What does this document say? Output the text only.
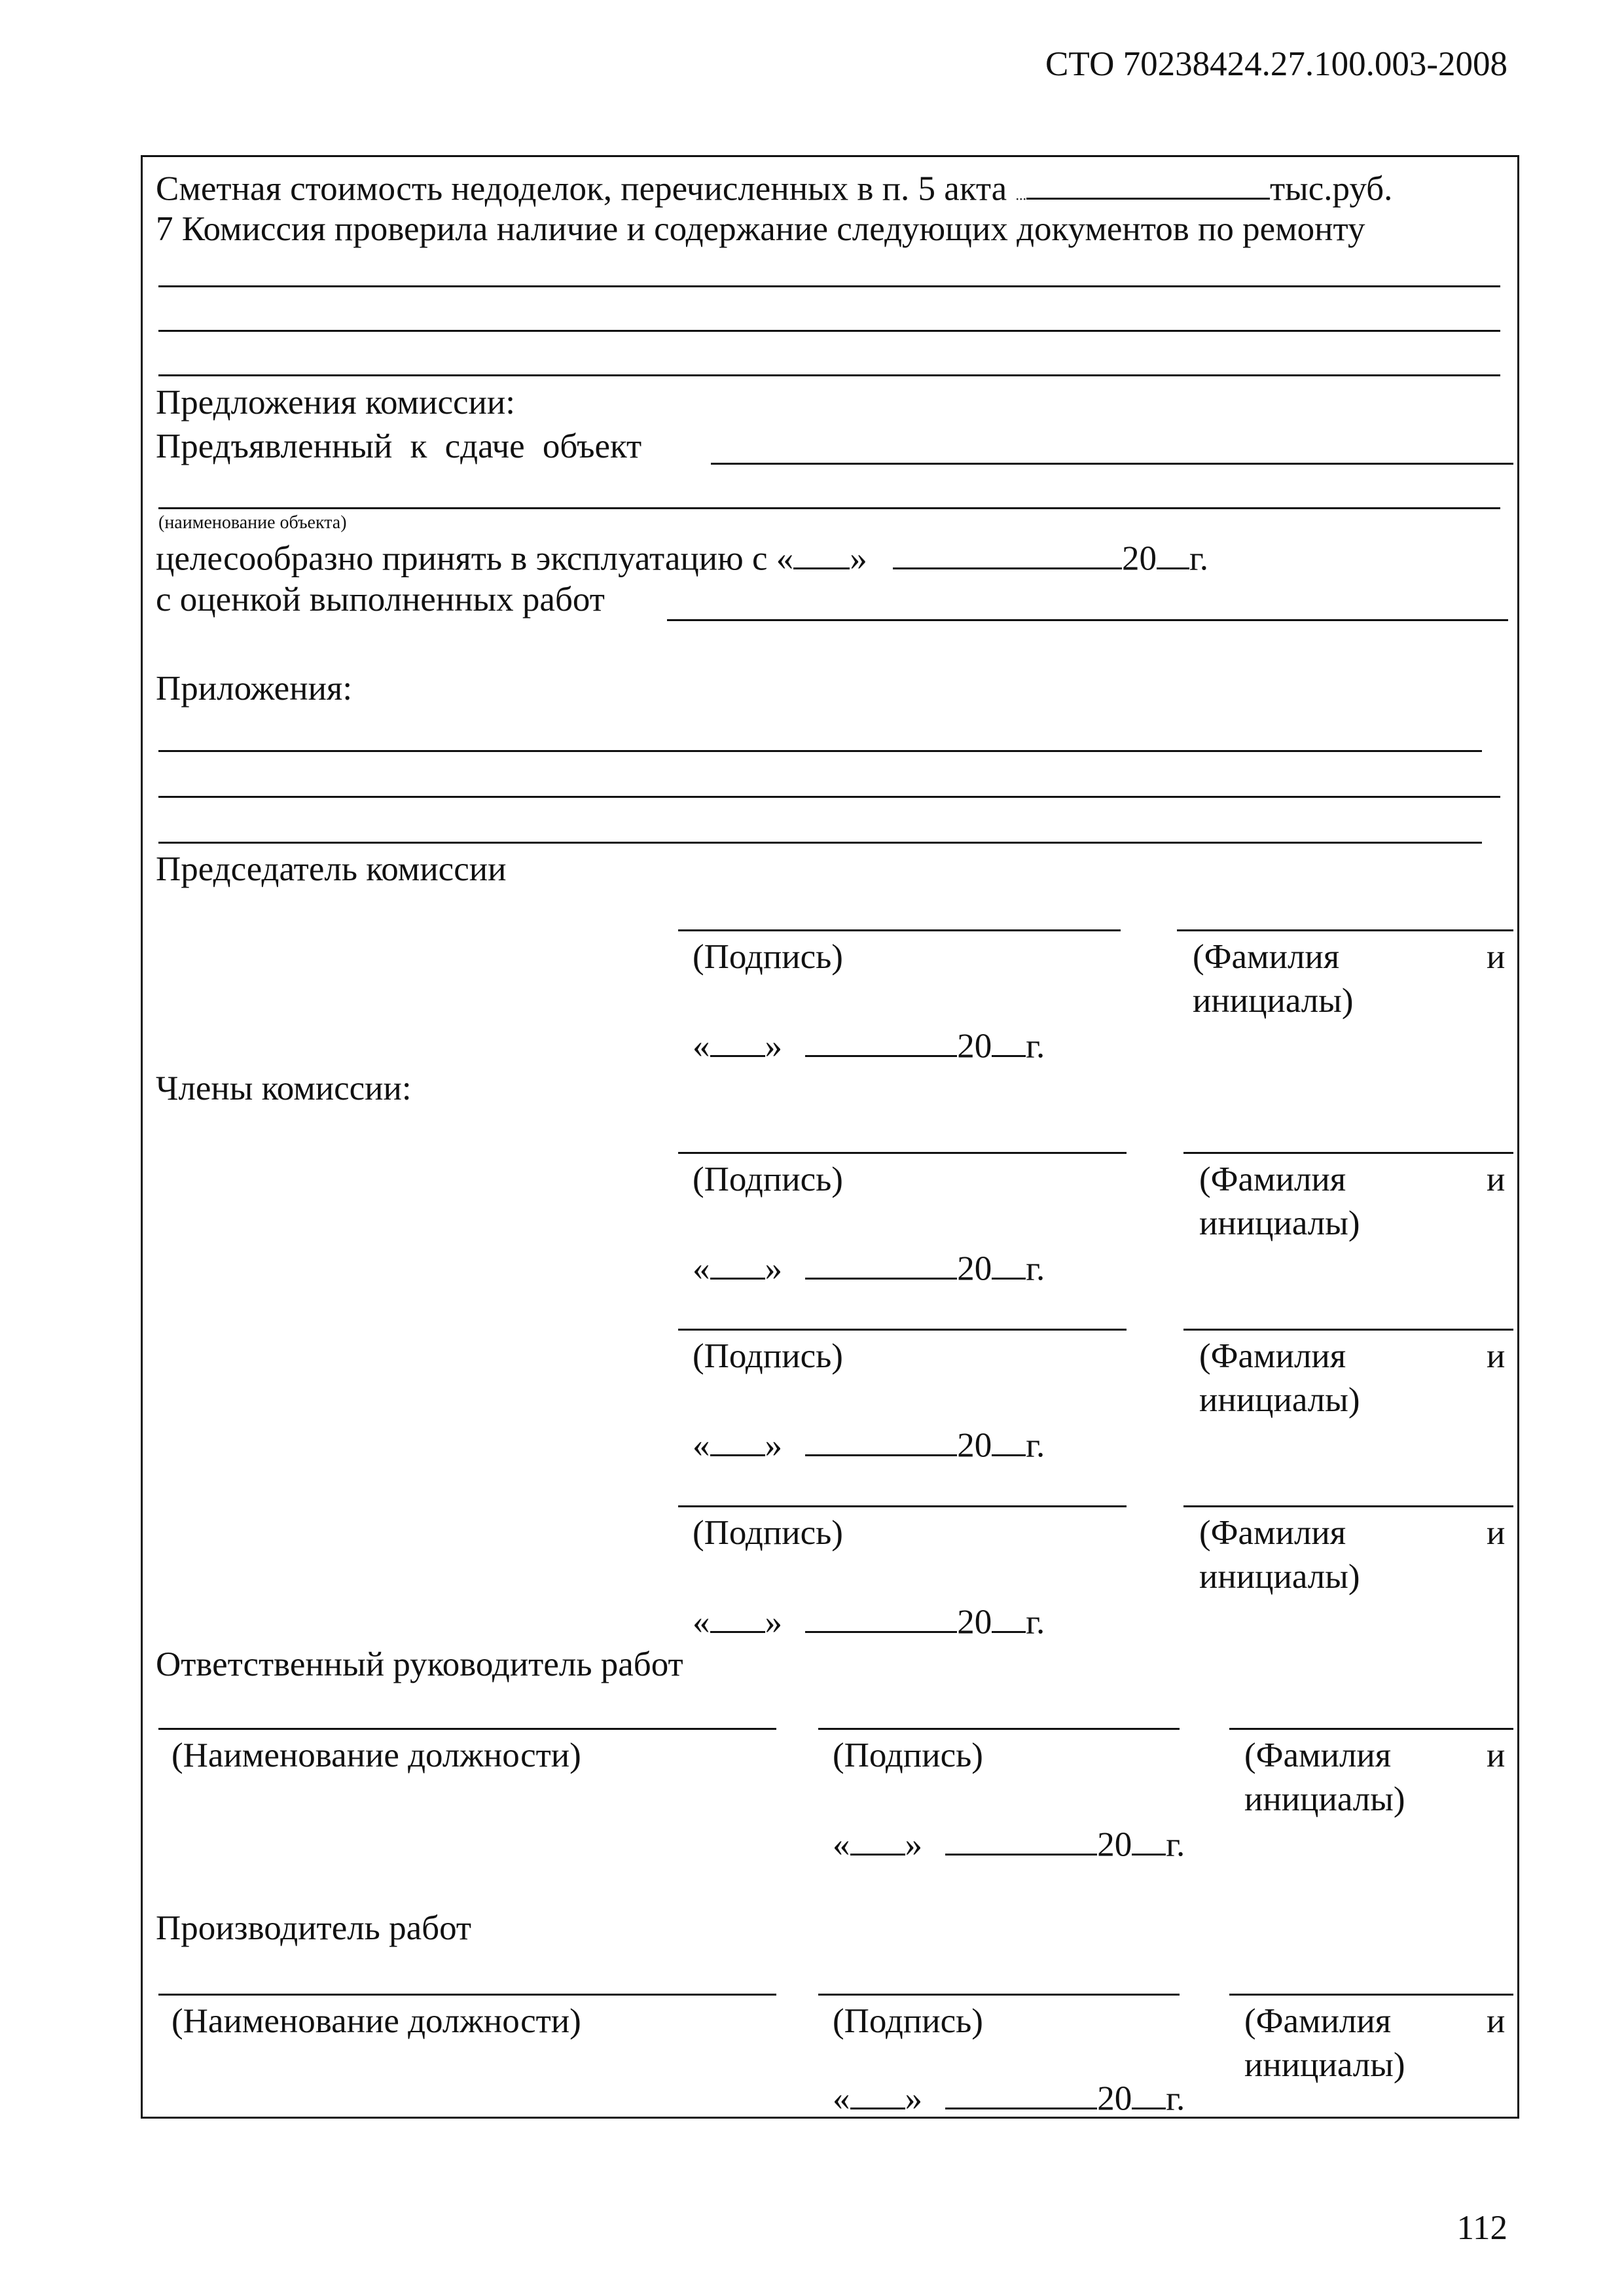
СТО 70238424.27.100.003-2008
Сметная стоимость недоделок, перечисленных в п. 5 акта ...	тыс.руб.
7 Комиссия проверила наличие и содержание следующих документов по ремонту
Предложения комиссии:
Предъявленный к сдаче объект
(наименование объекта)
целесообразно принять в эксплуатацию с « »	20 г.
с оценкой выполненных работ
Приложения:
Председатель комиссии
(Подпись)	(Фамилия	и
инициалы)
« »	20 г.
Члены комиссии:
(Подпись)	(Фамилия	и
инициалы)
« »	20 г.
(Подпись)	(Фамилия	и
инициалы)
« »	20 г.
(Подпись)	(Фамилия	и
инициалы)
« »	20 г.
Ответственный руководитель работ
(Наименование должности)	(Подпись)	(Фамилия	и
инициалы)
« »	20 г.
Производитель работ
(Наименование должности)	(Подпись)	(Фамилия	и
инициалы)
« »	20 г.
112
